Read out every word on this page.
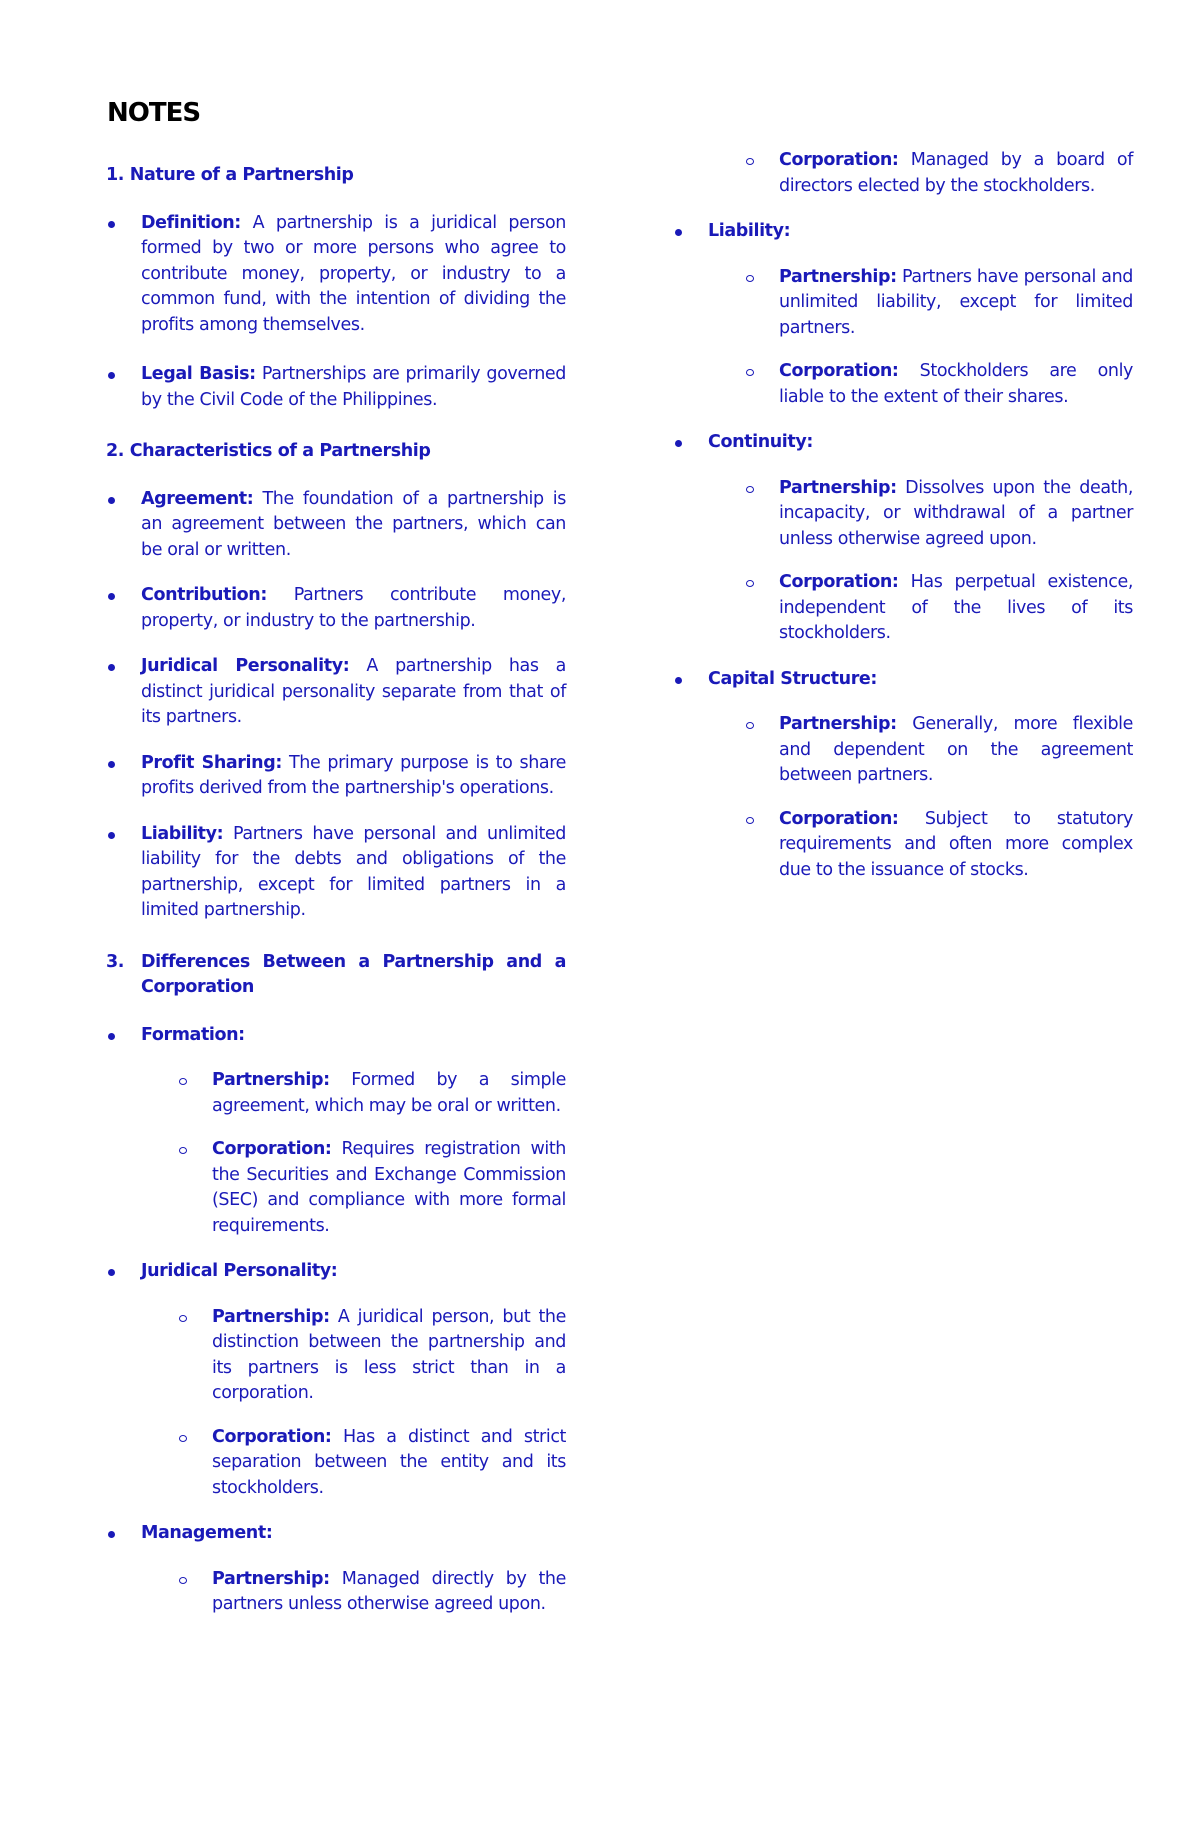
NOTES

1. Nature of a Partnership

Definition: A partnership is a juridical person formed by two or more persons who agree to contribute money, property, or industry to a common fund, with the intention of dividing the profits among themselves.
Legal Basis: Partnerships are primarily governed by the Civil Code of the Philippines.

2. Characteristics of a Partnership

Agreement: The foundation of a partnership is an agreement between the partners, which can be oral or written.
Contribution: Partners contribute money, property, or industry to the partnership.
Juridical Personality: A partnership has a distinct juridical personality separate from that of its partners.
Profit Sharing: The primary purpose is to share profits derived from the partnership's operations.
Liability: Partners have personal and unlimited liability for the debts and obligations of the partnership, except for limited partners in a limited partnership.
3. Differences Between a Partnership and a Corporation
Formation:
Partnership: Formed by a simple agreement, which may be oral or written.
Corporation: Requires registration with the Securities and Exchange Commission (SEC) and compliance with more formal requirements.
Juridical Personality:
Partnership: A juridical person, but the distinction between the partnership and its partners is less strict than in a corporation.
Corporation: Has a distinct and strict separation between the entity and its stockholders.
Management:
Partnership: Managed directly by the partners unless otherwise agreed upon.
Corporation: Managed by a board of directors elected by the stockholders.
Liability:
Partnership: Partners have personal and unlimited liability, except for limited partners.
Corporation: Stockholders are only liable to the extent of their shares.
Continuity:
Partnership: Dissolves upon the death, incapacity, or withdrawal of a partner unless otherwise agreed upon.
Corporation: Has perpetual existence, independent of the lives of its stockholders.
Capital Structure:
Partnership: Generally, more flexible and dependent on the agreement between partners.
Corporation: Subject to statutory requirements and often more complex due to the issuance of stocks.
